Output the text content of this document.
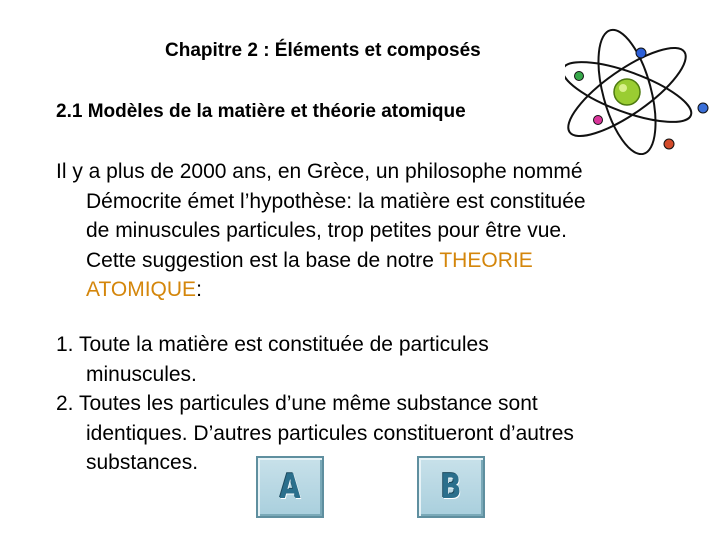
Chapitre 2 : Éléments et composés
2.1 Modèles de la matière et théorie atomique
Il y a plus de 2000 ans, en Grèce, un philosophe nommé
Démocrite émet l’hypothèse: la matière est constituée
de minuscules particules, trop petites pour être vue.
Cette suggestion est la base de notre THEORIE
ATOMIQUE:
1. Toute la matière est constituée de particules
minuscules.
2. Toutes les particules d’une même substance sont
identiques. D’autres particules constitueront d’autres
substances.
A	B
